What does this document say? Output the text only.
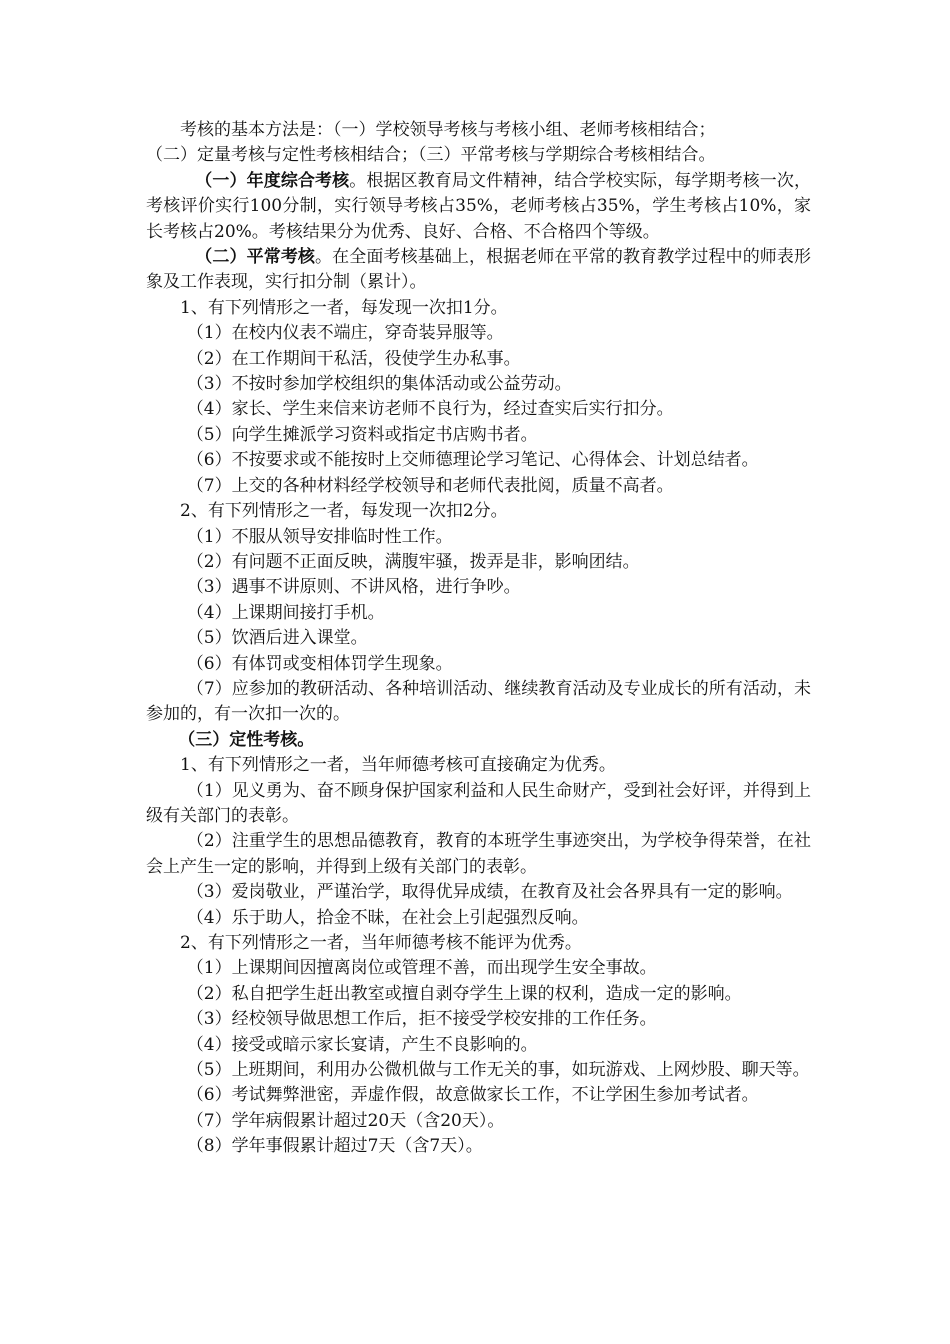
考核的基本方法是：（一）学校领导考核与考核小组、老师考核相结合；

（二）定量考核与定性考核相结合；（三）平常考核与学期综合考核相结合。

（一）年度综合考核。根据区教育局文件精神，结合学校实际，每学期考核一次，考核评价实行100分制，实行领导考核占35%，老师考核占35%，学生考核占10%，家长考核占20%。考核结果分为优秀、良好、合格、不合格四个等级。

（二）平常考核。在全面考核基础上，根据老师在平常的教育教学过程中的师表形象及工作表现，实行扣分制（累计）。

1、有下列情形之一者，每发现一次扣1分。

（1）在校内仪表不端庄，穿奇装异服等。

（2）在工作期间干私活，役使学生办私事。

（3）不按时参加学校组织的集体活动或公益劳动。

（4）家长、学生来信来访老师不良行为，经过查实后实行扣分。

（5）向学生摊派学习资料或指定书店购书者。

（6）不按要求或不能按时上交师德理论学习笔记、心得体会、计划总结者。

（7）上交的各种材料经学校领导和老师代表批阅，质量不高者。

2、有下列情形之一者，每发现一次扣2分。

（1）不服从领导安排临时性工作。

（2）有问题不正面反映，满腹牢骚，拨弄是非，影响团结。

（3）遇事不讲原则、不讲风格，进行争吵。

（4）上课期间接打手机。

（5）饮酒后进入课堂。

（6）有体罚或变相体罚学生现象。

（7）应参加的教研活动、各种培训活动、继续教育活动及专业成长的所有活动，未参加的，有一次扣一次的。

（三）定性考核。

1、有下列情形之一者，当年师德考核可直接确定为优秀。

（1）见义勇为、奋不顾身保护国家利益和人民生命财产，受到社会好评，并得到上级有关部门的表彰。

（2）注重学生的思想品德教育，教育的本班学生事迹突出，为学校争得荣誉，在社会上产生一定的影响，并得到上级有关部门的表彰。

（3）爱岗敬业，严谨治学，取得优异成绩，在教育及社会各界具有一定的影响。

（4）乐于助人，拾金不昧，在社会上引起强烈反响。

2、有下列情形之一者，当年师德考核不能评为优秀。

（1）上课期间因擅离岗位或管理不善，而出现学生安全事故。

（2）私自把学生赶出教室或擅自剥夺学生上课的权利，造成一定的影响。

（3）经校领导做思想工作后，拒不接受学校安排的工作任务。

（4）接受或暗示家长宴请，产生不良影响的。

（5）上班期间，利用办公微机做与工作无关的事，如玩游戏、上网炒股、聊天等。

（6）考试舞弊泄密，弄虚作假，故意做家长工作，不让学困生参加考试者。

（7）学年病假累计超过20天（含20天）。

（8）学年事假累计超过7天（含7天）。
